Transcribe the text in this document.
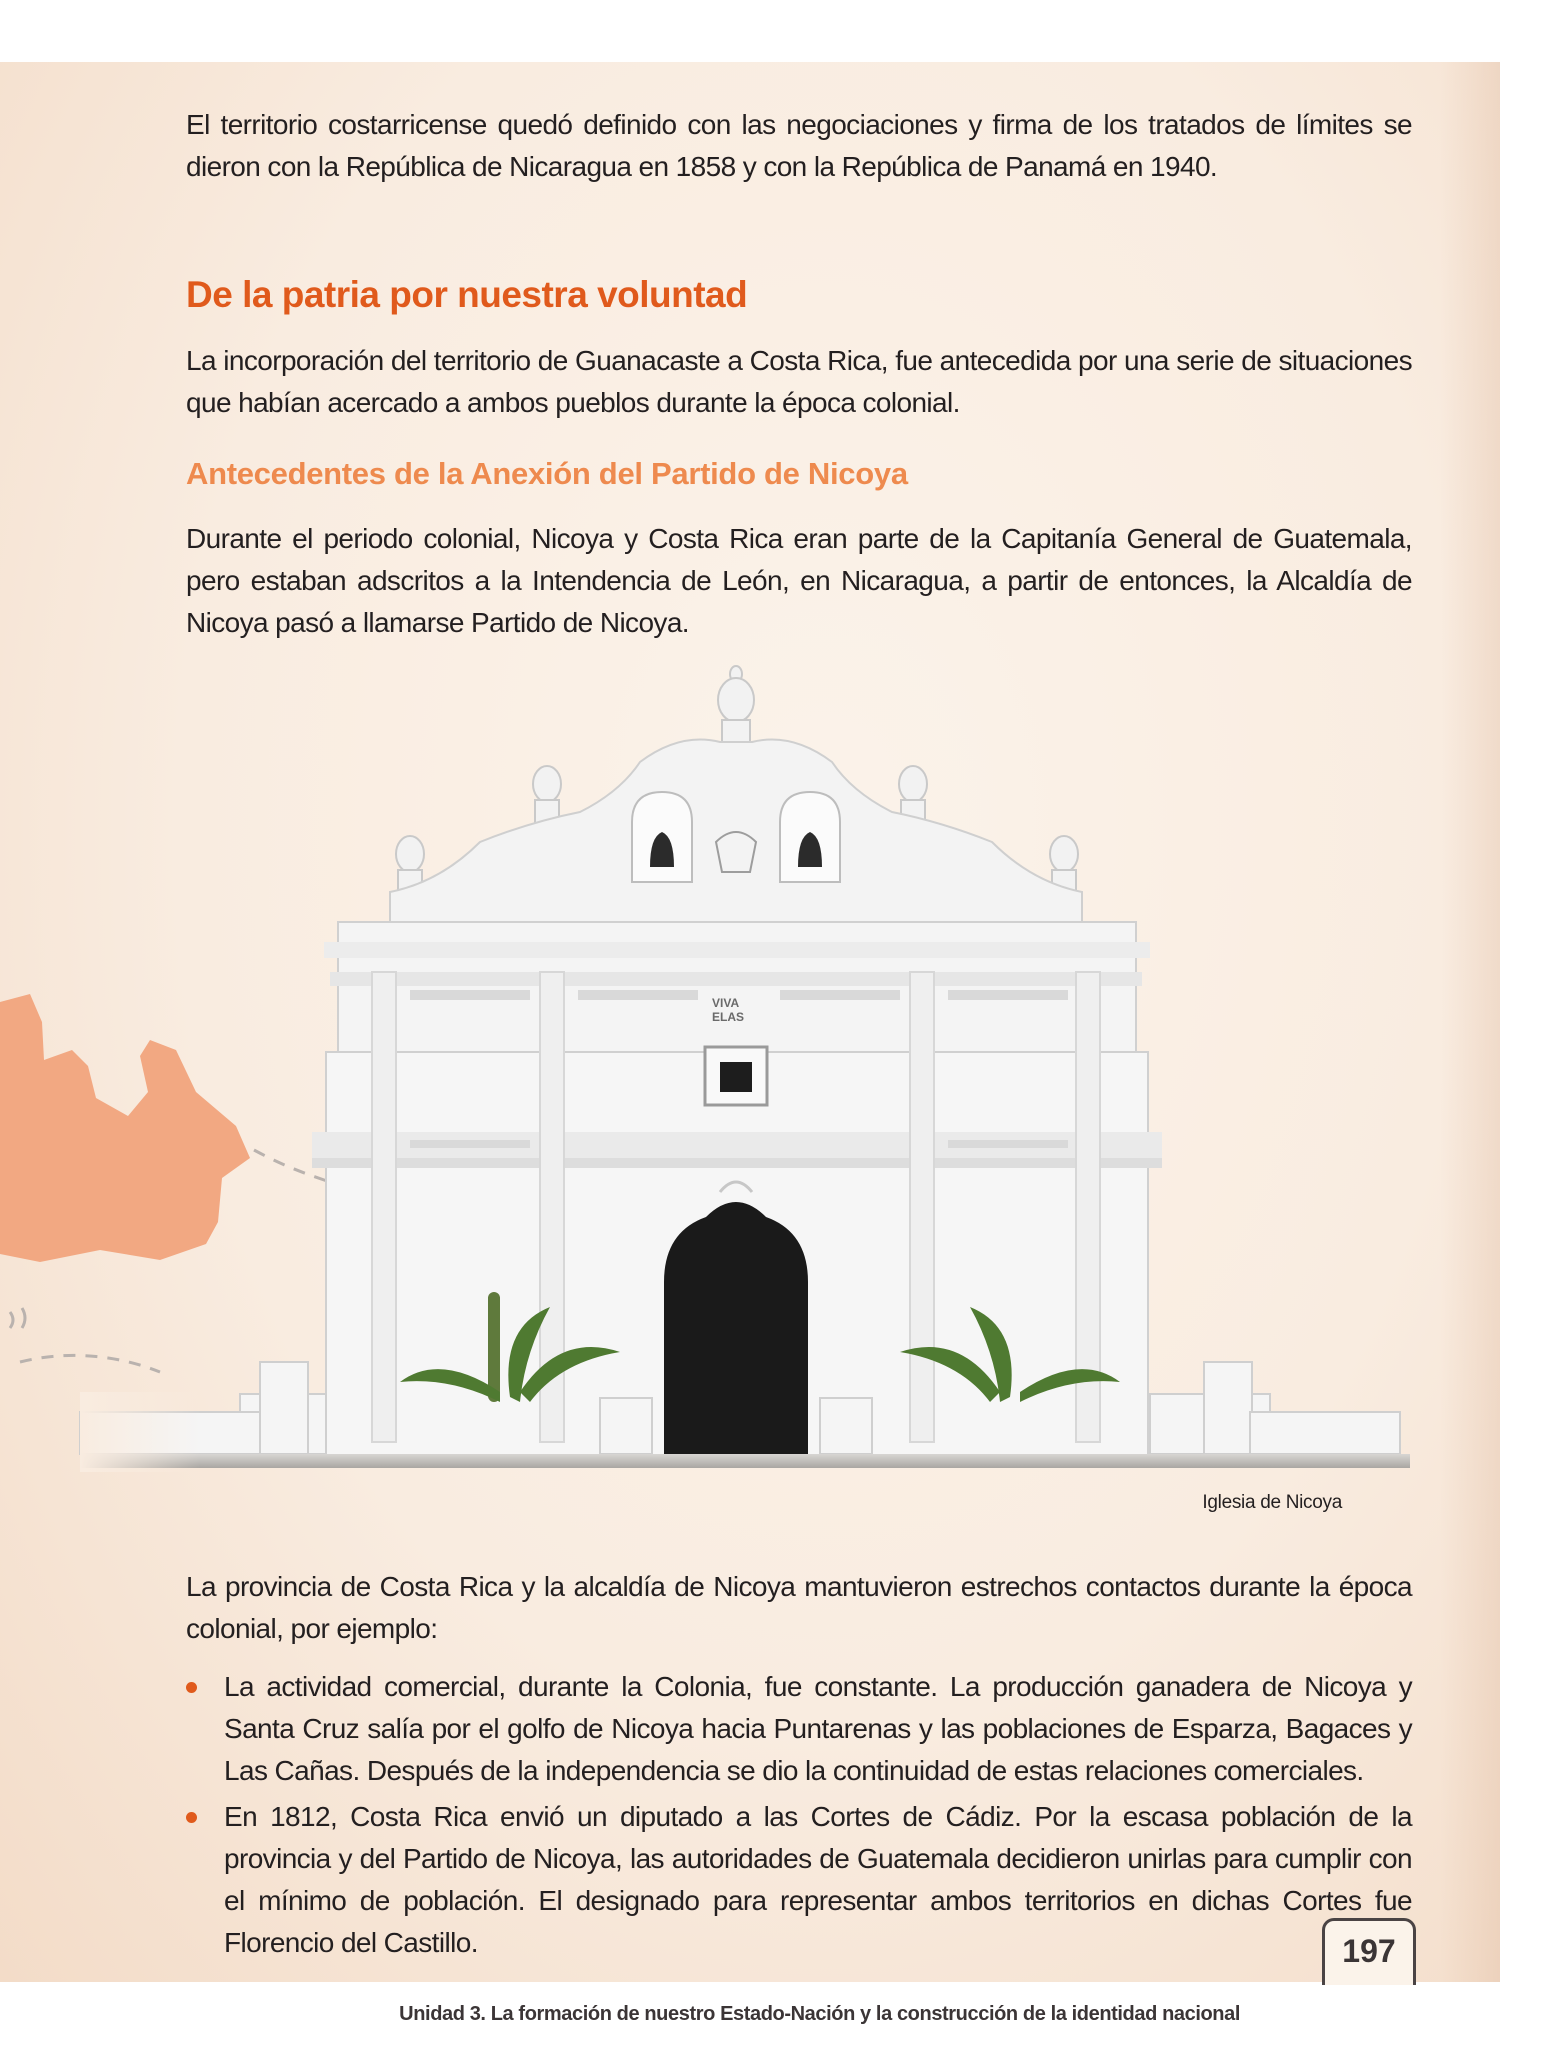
El territorio costarricense quedó definido con las negociaciones y firma de los tratados de límites se dieron con la República de Nicaragua en 1858 y con la República de Panamá en 1940.

De la patria por nuestra voluntad

La incorporación del territorio de Guanacaste a Costa Rica, fue antecedida por una serie de situaciones que habían acercado a ambos pueblos durante la época colonial.

Antecedentes de la Anexión del Partido de Nicoya

Durante el periodo colonial, Nicoya y Costa Rica eran parte de la Capitanía General de Guatemala, pero estaban adscritos a la Intendencia de León, en Nicaragua, a partir de entonces, la Alcaldía de Nicoya pasó a llamarse Partido de Nicoya.

VIVA
ELAS
Iglesia de Nicoya

La provincia de Costa Rica y la alcaldía de Nicoya mantuvieron estrechos contactos durante la época colonial, por ejemplo:

La actividad comercial, durante la Colonia, fue constante. La producción ganadera de Nicoya y Santa Cruz salía por el golfo de Nicoya hacia Puntarenas y las poblaciones de Esparza, Bagaces y Las Cañas. Después de la independencia se dio la continuidad de estas relaciones comerciales.
En 1812, Costa Rica envió un diputado a las Cortes de Cádiz. Por la escasa población de la provincia y del Partido de Nicoya, las autoridades de Guatemala decidieron unirlas para cumplir con el mínimo de población. El designado para representar ambos territorios en dichas Cortes fue Florencio del Castillo.
Unidad 3. La formación de nuestro Estado-Nación y la construcción de la identidad nacional
197
